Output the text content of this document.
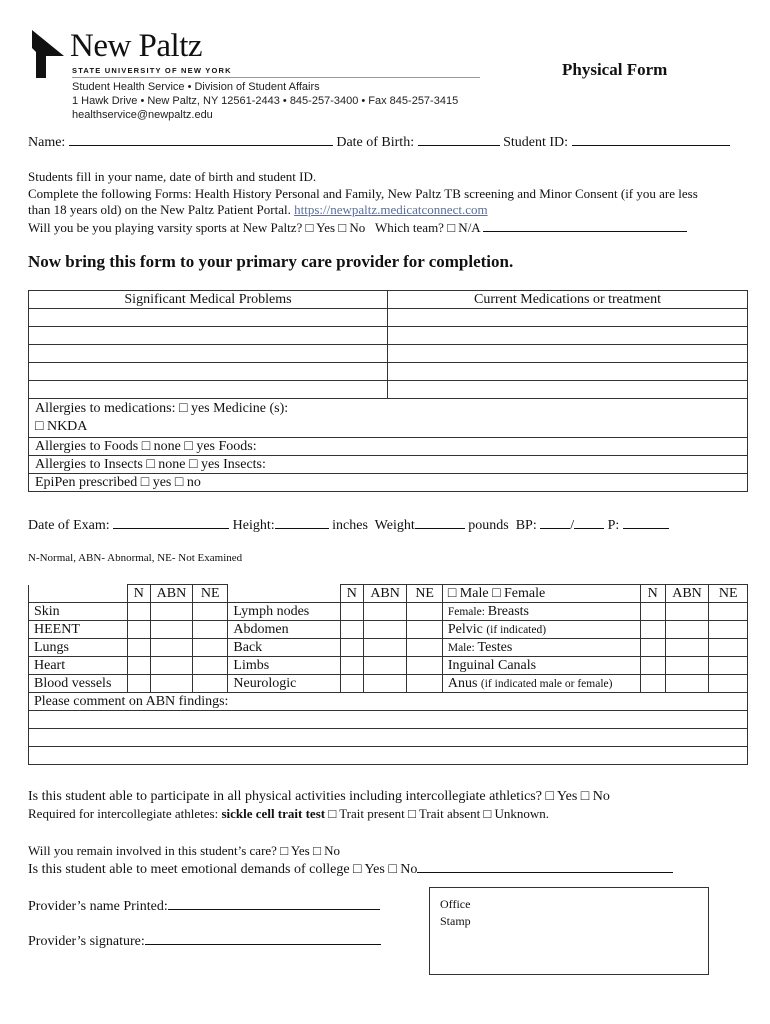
New Paltz
STATE UNIVERSITY OF NEW YORK
Student Health Service • Division of Student Affairs
1 Hawk Drive • New Paltz, NY 12561-2443 • 845-257-3400 • Fax 845-257-3415
healthservice@newpaltz.edu
Physical Form
Name:	Date of Birth:	Student ID:
Students fill in your name, date of birth and student ID.
Complete the following Forms: Health History Personal and Family, New Paltz TB screening and Minor Consent (if you are less
than 18 years old) on the New Paltz Patient Portal. https://newpaltz.medicatconnect.com
Will you be you playing varsity sports at New Paltz? □ Yes □ No Which team? □ N/A
Now bring this form to your primary care provider for completion.
Significant Medical Problems	Current Medications or treatment

Allergies to medications: □ yes Medicine (s):
□ NKDA	

Allergies to Foods □ none □ yes Foods:	
Allergies to Insects □ none □ yes Insects:	
EpiPen prescribed □ yes □ no	
Date of Exam:	Height:	inches Weight	pounds BP: / P:
N-Normal, ABN- Abnormal, NE- Not Examined
	N	ABN	NE		N	ABN	NE	□ Male □ Female	N	ABN	NE
Skin				Lymph nodes				Female: Breasts			
HEENT				Abdomen				Pelvic (if indicated)			
Lungs				Back				Male: Testes			
Heart				Limbs				Inguinal Canals			
Blood vessels				Neurologic				Anus (if indicated male or female)			
Please comment on ABN findings:											

Is this student able to participate in all physical activities including intercollegiate athletics? □ Yes □ No
Required for intercollegiate athletes: sickle cell trait test □ Trait present □ Trait absent □ Unknown.
Will you remain involved in this student’s care? □ Yes □ No
Is this student able to meet emotional demands of college □ Yes □ No
Provider’s name Printed:
Provider’s signature:
Office
Stamp
